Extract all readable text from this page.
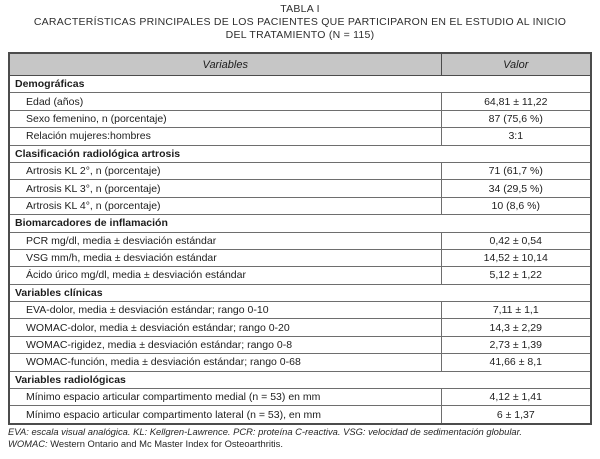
TABLA I
CARACTERÍSTICAS PRINCIPALES DE LOS PACIENTES QUE PARTICIPARON EN EL ESTUDIO AL INICIO
DEL TRATAMIENTO (N = 115)
Variables	Valor
Demográficas	
Edad (años)	64,81 ± 11,22
Sexo femenino, n (porcentaje)	87 (75,6 %)
Relación mujeres:hombres	3:1
Clasificación radiológica artrosis	
Artrosis KL 2°, n (porcentaje)	71 (61,7 %)
Artrosis KL 3°, n (porcentaje)	34 (29,5 %)
Artrosis KL 4°, n (porcentaje)	10 (8,6 %)
Biomarcadores de inflamación	
PCR mg/dl, media ± desviación estándar	0,42 ± 0,54
VSG mm/h, media ± desviación estándar	14,52 ± 10,14
Ácido úrico mg/dl, media ± desviación estándar	5,12 ± 1,22
Variables clínicas	
EVA-dolor, media ± desviación estándar; rango 0-10	7,11 ± 1,1
WOMAC-dolor, media ± desviación estándar; rango 0-20	14,3 ± 2,29
WOMAC-rigidez, media ± desviación estándar; rango 0-8	2,73 ± 1,39
WOMAC-función, media ± desviación estándar; rango 0-68	41,66 ± 8,1
Variables radiológicas	
Mínimo espacio articular compartimento medial (n = 53) en mm	4,12 ± 1,41
Mínimo espacio articular compartimento lateral (n = 53), en mm	6 ± 1,37
EVA: escala visual analógica. KL: Kellgren-Lawrence. PCR: proteína C-reactiva. VSG: velocidad de sedimentación globular.
WOMAC: Western Ontario and Mc Master Index for Osteoarthritis.
